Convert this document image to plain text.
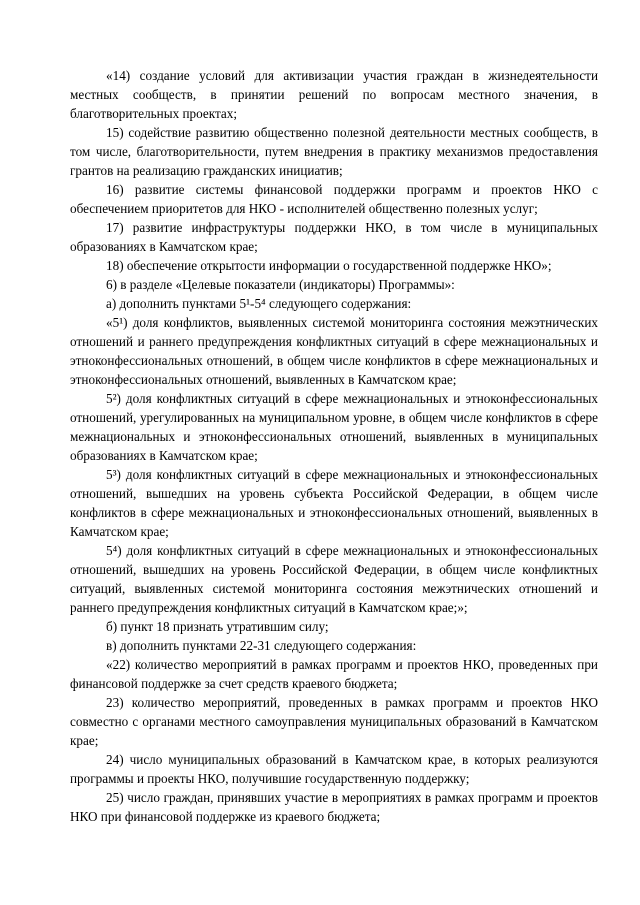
«14) создание условий для активизации участия граждан в жизнедеятельности местных сообществ, в принятии решений по вопросам местного значения, в благотворительных проектах;

15) содействие развитию общественно полезной деятельности местных сообществ, в том числе, благотворительности, путем внедрения в практику механизмов предоставления грантов на реализацию гражданских инициатив;

16) развитие системы финансовой поддержки программ и проектов НКО с обеспечением приоритетов для НКО - исполнителей общественно полезных услуг;

17) развитие инфраструктуры поддержки НКО, в том числе в муниципальных образованиях в Камчатском крае;

18) обеспечение открытости информации о государственной поддержке НКО»;

6) в разделе «Целевые показатели (индикаторы) Программы»:

а) дополнить пунктами 5¹-5⁴ следующего содержания:

«5¹) доля конфликтов, выявленных системой мониторинга состояния межэтнических отношений и раннего предупреждения конфликтных ситуаций в сфере межнациональных и этноконфессиональных отношений, в общем числе конфликтов в сфере межнациональных и этноконфессиональных отношений, выявленных в Камчатском крае;

5²) доля конфликтных ситуаций в сфере межнациональных и этноконфессиональных отношений, урегулированных на муниципальном уровне, в общем числе конфликтов в сфере межнациональных и этноконфессиональных отношений, выявленных в муниципальных образованиях в Камчатском крае;

5³) доля конфликтных ситуаций в сфере межнациональных и этноконфессиональных отношений, вышедших на уровень субъекта Российской Федерации, в общем числе конфликтов в сфере межнациональных и этноконфессиональных отношений, выявленных в Камчатском крае;

5⁴) доля конфликтных ситуаций в сфере межнациональных и этноконфессиональных отношений, вышедших на уровень Российской Федерации, в общем числе конфликтных ситуаций, выявленных системой мониторинга состояния межэтнических отношений и раннего предупреждения конфликтных ситуаций в Камчатском крае;»;

б) пункт 18 признать утратившим силу;

в) дополнить пунктами 22-31 следующего содержания:

«22) количество мероприятий в рамках программ и проектов НКО, проведенных при финансовой поддержке за счет средств краевого бюджета;

23) количество мероприятий, проведенных в рамках программ и проектов НКО совместно с органами местного самоуправления муниципальных образований в Камчатском крае;

24) число муниципальных образований в Камчатском крае, в которых реализуются программы и проекты НКО, получившие государственную поддержку;

25) число граждан, принявших участие в мероприятиях в рамках программ и проектов НКО при финансовой поддержке из краевого бюджета;
